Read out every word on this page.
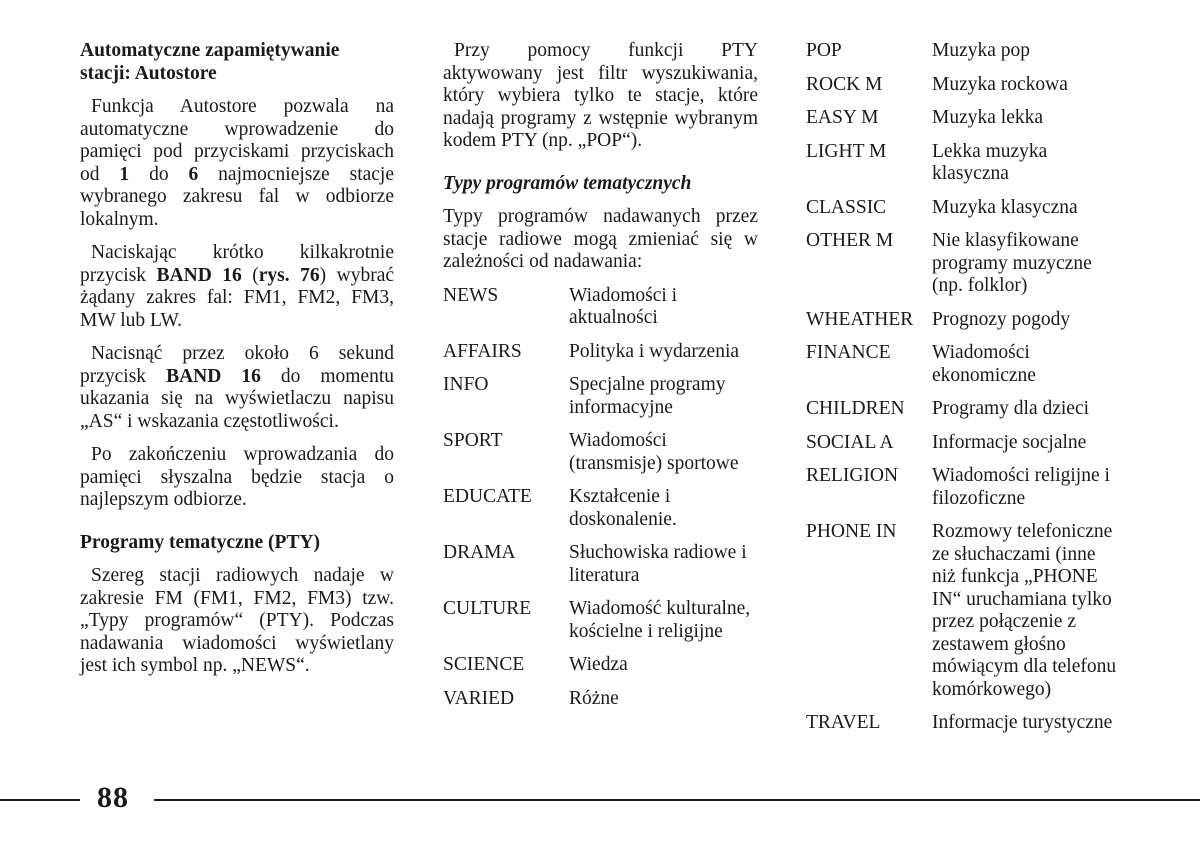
Automatyczne zapamiętywanie stacji: Autostore
Funkcja Autostore pozwala na automatyczne wprowadzenie do pamięci pod przyciskami przyciskach od 1 do 6 najmocniejsze stacje wybranego zakresu fal w odbiorze lokalnym.
Naciskając krótko kilkakrotnie przycisk BAND 16 (rys. 76) wybrać żądany zakres fal: FM1, FM2, FM3, MW lub LW.
Nacisnąć przez około 6 sekund przycisk BAND 16 do momentu ukazania się na wyświetlaczu napisu „AS“ i wskazania częstotliwości.
Po zakończeniu wprowadzania do pamięci słyszalna będzie stacja o najlepszym odbiorze.
Programy tematyczne (PTY)
Szereg stacji radiowych nadaje w zakresie FM (FM1, FM2, FM3) tzw. „Typy programów“ (PTY). Podczas nadawania wiadomości wyświetlany jest ich symbol np. „NEWS“.
Przy pomocy funkcji PTY aktywowany jest filtr wyszukiwania, który wybiera tylko te stacje, które nadają programy z wstępnie wybranym kodem PTY (np. „POP“).
Typy programów tematycznych
Typy programów nadawanych przez stacje radiowe mogą zmieniać się w zależności od nadawania:
NEWS	Wiadomości i aktualności
AFFAIRS	Polityka i wydarzenia
INFO	Specjalne programy informacyjne
SPORT	Wiadomości (transmisje) sportowe
EDUCATE	Kształcenie i doskonalenie.
DRAMA	Słuchowiska radiowe i literatura
CULTURE	Wiadomość kulturalne, kościelne i religijne
SCIENCE	Wiedza
VARIED	Różne
POP	Muzyka pop
ROCK M	Muzyka rockowa
EASY M	Muzyka lekka
LIGHT M	Lekka muzyka klasyczna
CLASSIC	Muzyka klasyczna
OTHER M	Nie klasyfikowane programy muzyczne (np. folklor)
WHEATHER Prognozy pogody
FINANCE	Wiadomości ekonomiczne
CHILDREN	Programy dla dzieci
SOCIAL A	Informacje socjalne
RELIGION	Wiadomości religijne i filozoficzne
PHONE IN	Rozmowy telefoniczne ze słuchaczami (inne niż funkcja „PHONE IN“ uruchamiana tylko przez połączenie z zestawem głośno mówiącym dla telefonu komórkowego)
TRAVEL	Informacje turystyczne
88
